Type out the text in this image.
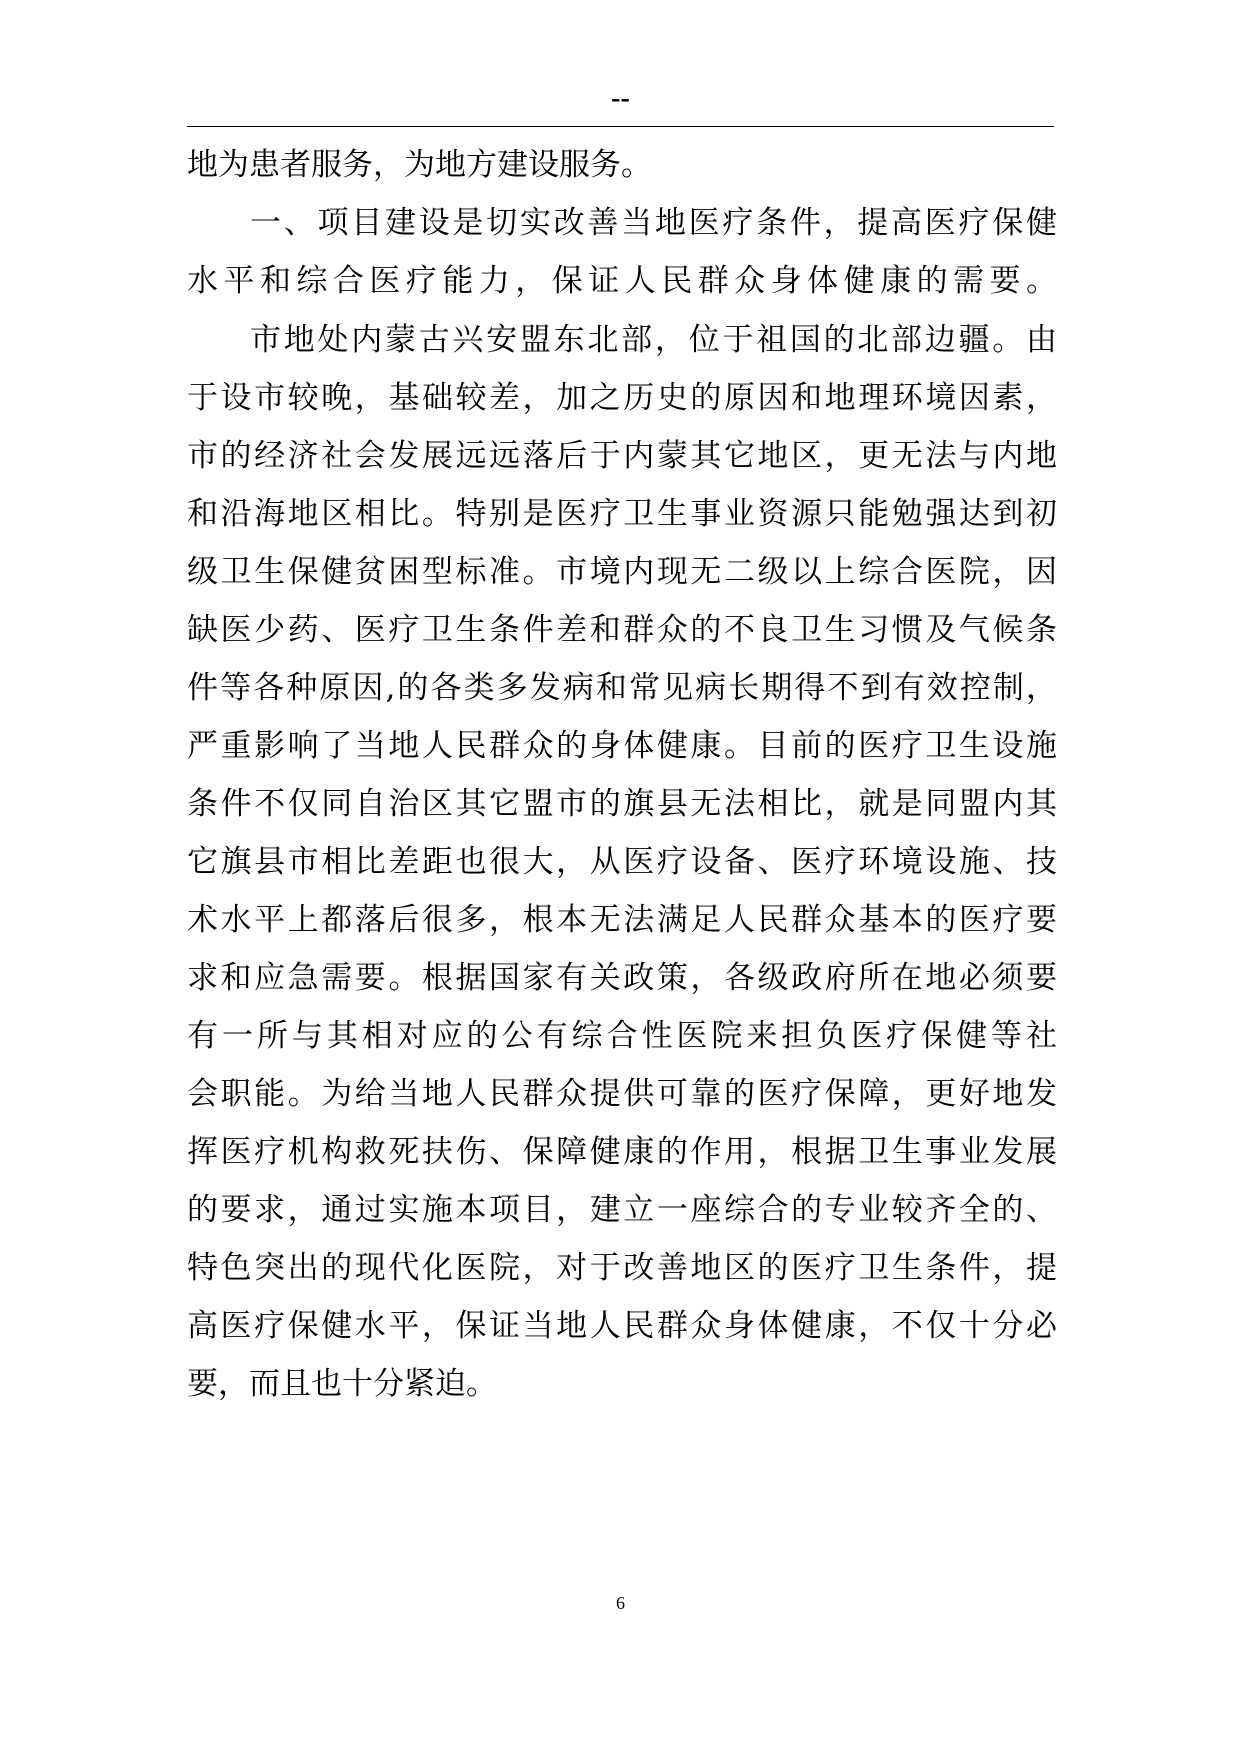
--
地为患者服务，为地方建设服务。
一、项目建设是切实改善当地医疗条件，提高医疗保健
水平和综合医疗能力，保证人民群众身体健康的需要。
市地处内蒙古兴安盟东北部，位于祖国的北部边疆。由
于设市较晚，基础较差，加之历史的原因和地理环境因素，
市的经济社会发展远远落后于内蒙其它地区，更无法与内地
和沿海地区相比。特别是医疗卫生事业资源只能勉强达到初
级卫生保健贫困型标准。市境内现无二级以上综合医院，因
缺医少药、医疗卫生条件差和群众的不良卫生习惯及气候条
件等各种原因,的各类多发病和常见病长期得不到有效控制，
严重影响了当地人民群众的身体健康。目前的医疗卫生设施
条件不仅同自治区其它盟市的旗县无法相比，就是同盟内其
它旗县市相比差距也很大，从医疗设备、医疗环境设施、技
术水平上都落后很多，根本无法满足人民群众基本的医疗要
求和应急需要。根据国家有关政策，各级政府所在地必须要
有一所与其相对应的公有综合性医院来担负医疗保健等社
会职能。为给当地人民群众提供可靠的医疗保障，更好地发
挥医疗机构救死扶伤、保障健康的作用，根据卫生事业发展
的要求，通过实施本项目，建立一座综合的专业较齐全的、
特色突出的现代化医院，对于改善地区的医疗卫生条件，提
高医疗保健水平，保证当地人民群众身体健康，不仅十分必
要，而且也十分紧迫。
6
